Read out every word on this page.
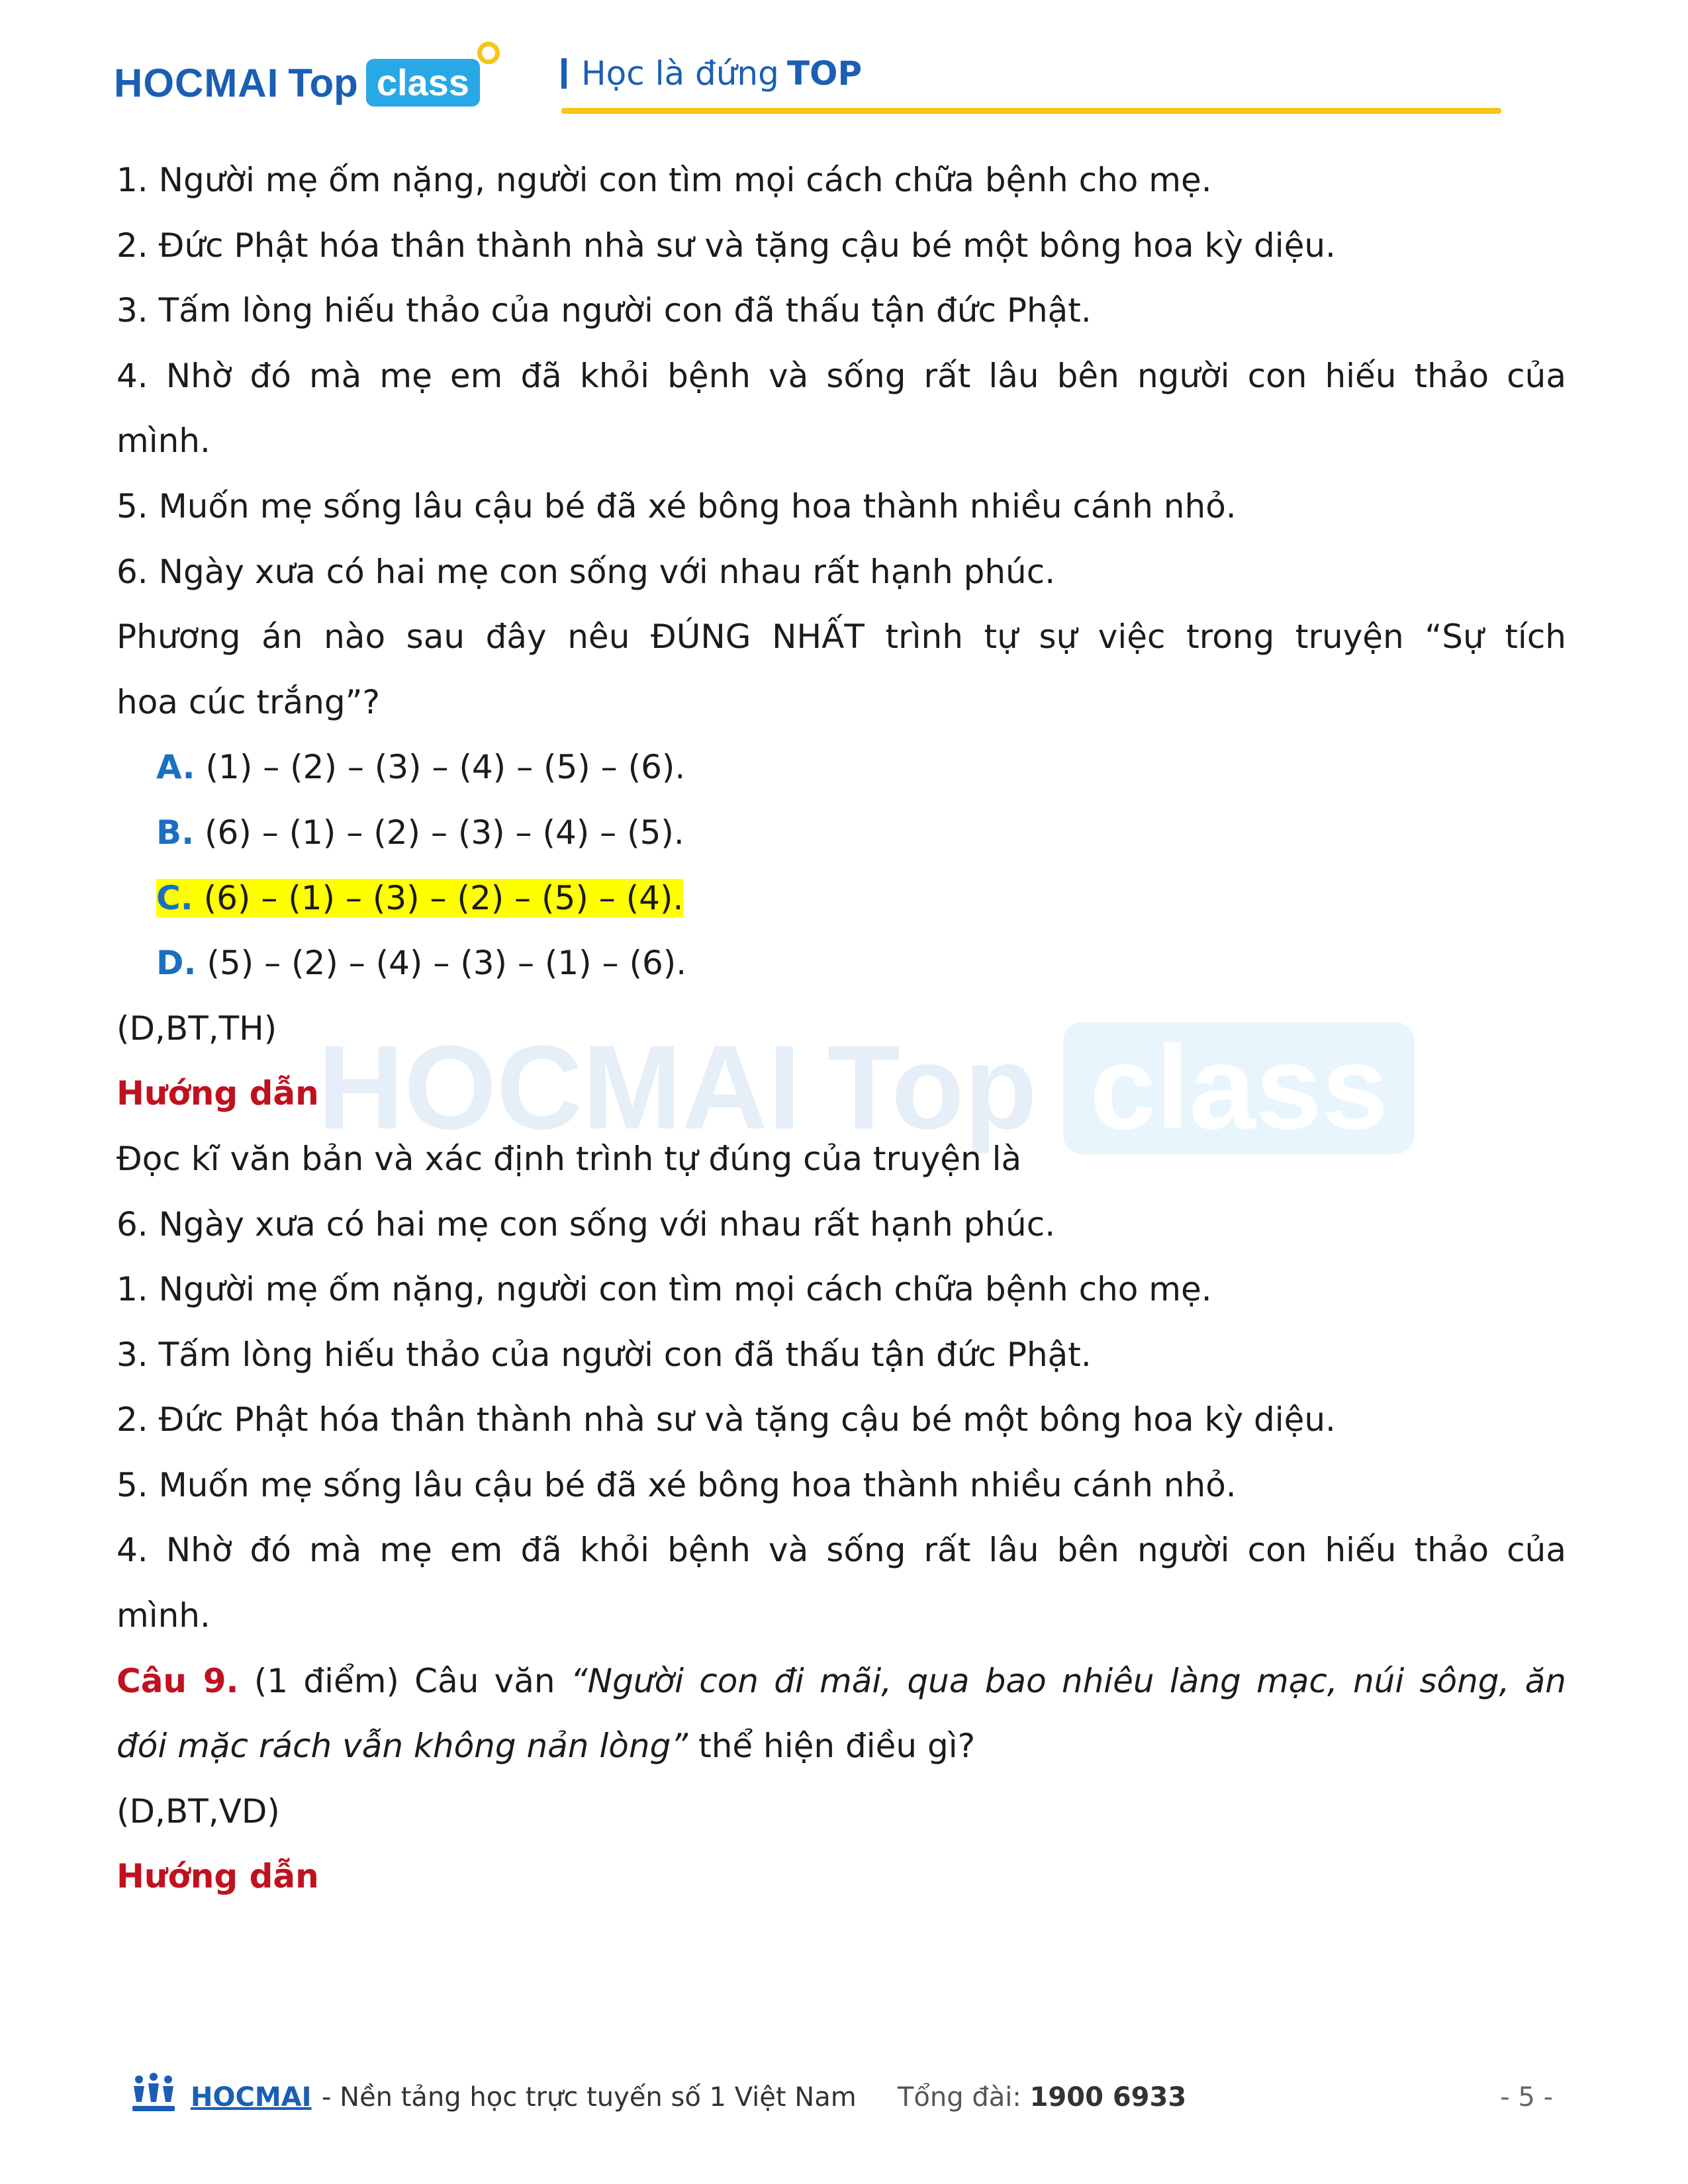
HOCMAI Top class	Học là đứng TOP
HOCMAI Top class
1. Người mẹ ốm nặng, người con tìm mọi cách chữa bệnh cho mẹ.
2. Đức Phật hóa thân thành nhà sư và tặng cậu bé một bông hoa kỳ diệu.
3. Tấm lòng hiếu thảo của người con đã thấu tận đức Phật.
4. Nhờ đó mà mẹ em đã khỏi bệnh và sống rất lâu bên người con hiếu thảo của
mình.
5. Muốn mẹ sống lâu cậu bé đã xé bông hoa thành nhiều cánh nhỏ.
6. Ngày xưa có hai mẹ con sống với nhau rất hạnh phúc.
Phương án nào sau đây nêu ĐÚNG NHẤT trình tự sự việc trong truyện “Sự tích
hoa cúc trắng”?
A. (1) – (2) – (3) – (4) – (5) – (6).
B. (6) – (1) – (2) – (3) – (4) – (5).
C. (6) – (1) – (3) – (2) – (5) – (4).
D. (5) – (2) – (4) – (3) – (1) – (6).
(D,BT,TH)
Hướng dẫn
Đọc kĩ văn bản và xác định trình tự đúng của truyện là
6. Ngày xưa có hai mẹ con sống với nhau rất hạnh phúc.
1. Người mẹ ốm nặng, người con tìm mọi cách chữa bệnh cho mẹ.
3. Tấm lòng hiếu thảo của người con đã thấu tận đức Phật.
2. Đức Phật hóa thân thành nhà sư và tặng cậu bé một bông hoa kỳ diệu.
5. Muốn mẹ sống lâu cậu bé đã xé bông hoa thành nhiều cánh nhỏ.
4. Nhờ đó mà mẹ em đã khỏi bệnh và sống rất lâu bên người con hiếu thảo của
mình.
Câu 9. (1 điểm) Câu văn “Người con đi mãi, qua bao nhiêu làng mạc, núi sông, ăn
đói mặc rách vẫn không nản lòng” thể hiện điều gì?
(D,BT,VD)
Hướng dẫn
HOCMAI - Nền tảng học trực tuyến số 1 Việt Nam Tổng đài: 1900 6933	- 5 -
